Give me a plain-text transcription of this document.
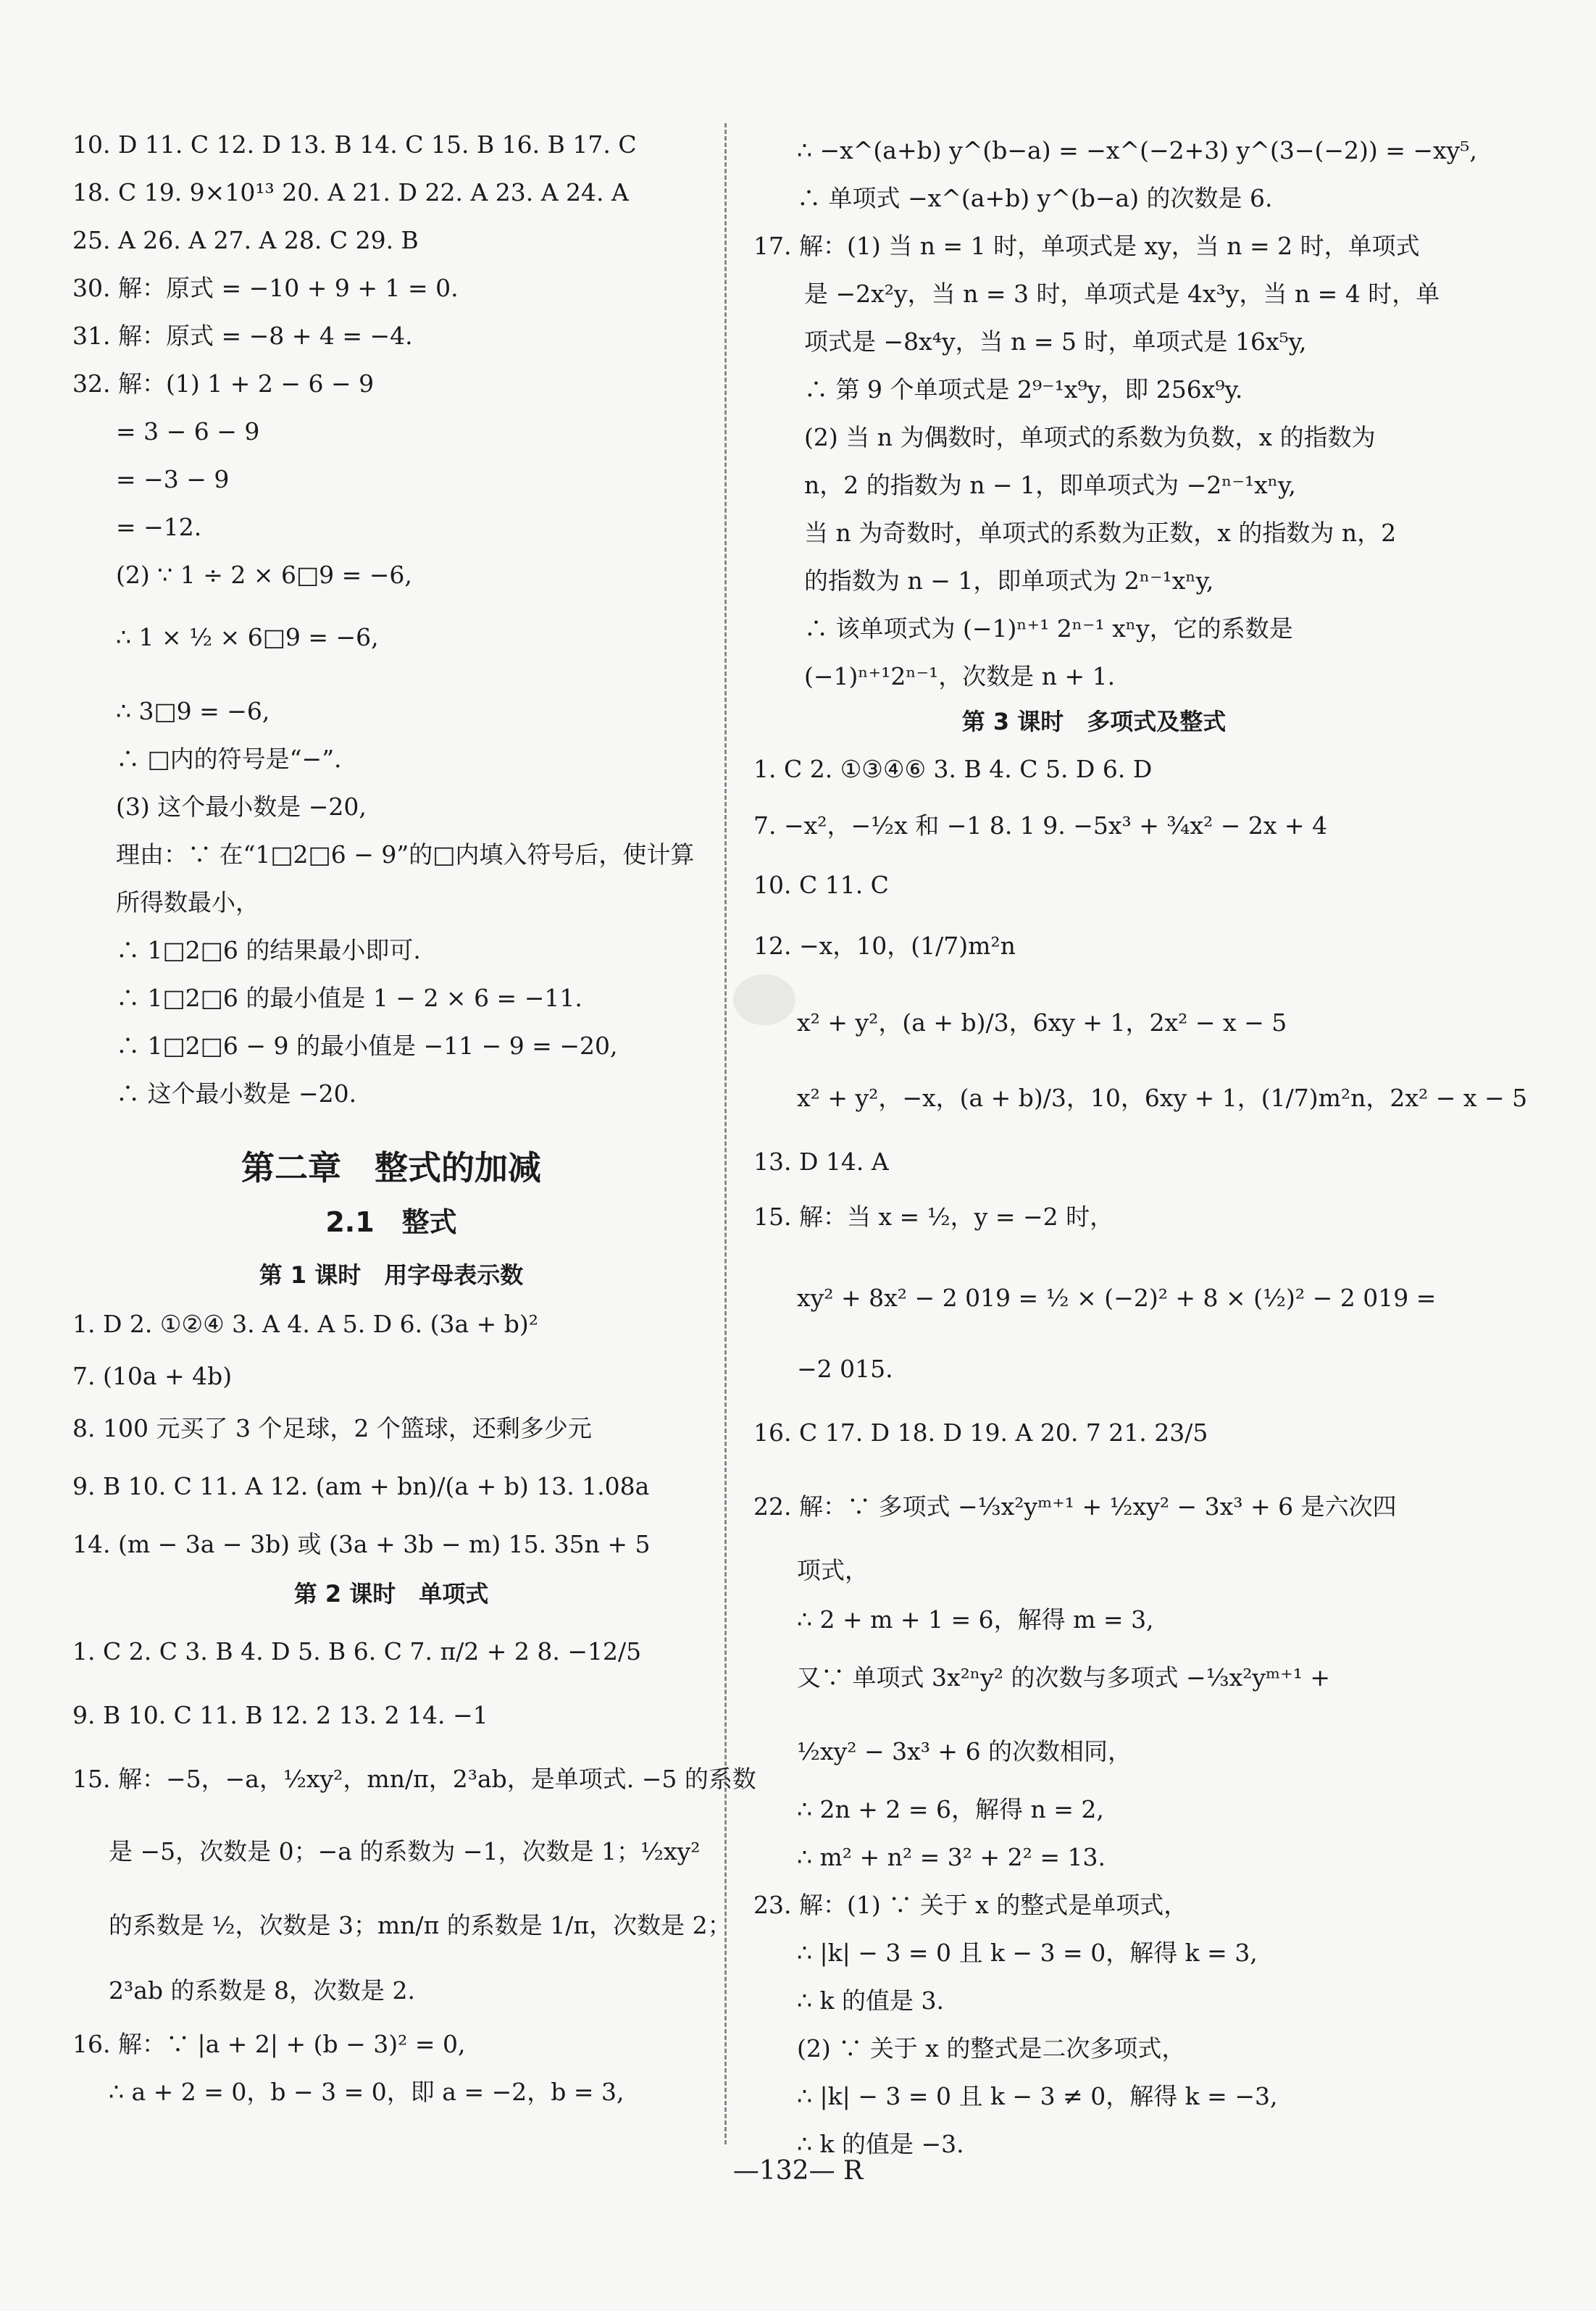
10. D 11. C 12. D 13. B 14. C 15. B 16. B 17. C
18. C 19. 9×10¹³ 20. A 21. D 22. A 23. A 24. A
25. A 26. A 27. A 28. C 29. B
30. 解：原式 = −10 + 9 + 1 = 0.
31. 解：原式 = −8 + 4 = −4.
32. 解：(1) 1 + 2 − 6 − 9
= 3 − 6 − 9
= −3 − 9
= −12.
(2) ∵ 1 ÷ 2 × 6□9 = −6,
∴ 1 × ½ × 6□9 = −6,
∴ 3□9 = −6,
∴ □内的符号是“−”.
(3) 这个最小数是 −20,
理由：∵ 在“1□2□6 − 9”的□内填入符号后，使计算
所得数最小，
∴ 1□2□6 的结果最小即可.
∴ 1□2□6 的最小值是 1 − 2 × 6 = −11.
∴ 1□2□6 − 9 的最小值是 −11 − 9 = −20,
∴ 这个最小数是 −20.
第二章　整式的加减
2.1　整式
第 1 课时　用字母表示数
1. D 2. ①②④ 3. A 4. A 5. D 6. (3a + b)²
7. (10a + 4b)
8. 100 元买了 3 个足球，2 个篮球，还剩多少元
9. B 10. C 11. A 12. (am + bn)/(a + b) 13. 1.08a
14. (m − 3a − 3b) 或 (3a + 3b − m) 15. 35n + 5
第 2 课时　单项式
1. C 2. C 3. B 4. D 5. B 6. C 7. π/2 + 2 8. −12/5
9. B 10. C 11. B 12. 2 13. 2 14. −1
15. 解：−5，−a，½xy²，mn/π，2³ab，是单项式. −5 的系数
是 −5，次数是 0；−a 的系数为 −1，次数是 1；½xy²
的系数是 ½，次数是 3；mn/π 的系数是 1/π，次数是 2；
2³ab 的系数是 8，次数是 2.
16. 解：∵ |a + 2| + (b − 3)² = 0,
∴ a + 2 = 0，b − 3 = 0，即 a = −2，b = 3,
∴ −x^(a+b) y^(b−a) = −x^(−2+3) y^(3−(−2)) = −xy⁵,
∴ 单项式 −x^(a+b) y^(b−a) 的次数是 6.
17. 解：(1) 当 n = 1 时，单项式是 xy，当 n = 2 时，单项式
是 −2x²y，当 n = 3 时，单项式是 4x³y，当 n = 4 时，单
项式是 −8x⁴y，当 n = 5 时，单项式是 16x⁵y,
∴ 第 9 个单项式是 2⁹⁻¹x⁹y，即 256x⁹y.
(2) 当 n 为偶数时，单项式的系数为负数，x 的指数为
n，2 的指数为 n − 1，即单项式为 −2ⁿ⁻¹xⁿy,
当 n 为奇数时，单项式的系数为正数，x 的指数为 n，2
的指数为 n − 1，即单项式为 2ⁿ⁻¹xⁿy,
∴ 该单项式为 (−1)ⁿ⁺¹ 2ⁿ⁻¹ xⁿy，它的系数是
(−1)ⁿ⁺¹2ⁿ⁻¹，次数是 n + 1.
第 3 课时　多项式及整式
1. C 2. ①③④⑥ 3. B 4. C 5. D 6. D
7. −x²，−½x 和 −1 8. 1 9. −5x³ + ¾x² − 2x + 4
10. C 11. C
12. −x，10，(1/7)m²n
x² + y²，(a + b)/3，6xy + 1，2x² − x − 5
x² + y²，−x，(a + b)/3，10，6xy + 1，(1/7)m²n，2x² − x − 5
13. D 14. A
15. 解：当 x = ½，y = −2 时，
xy² + 8x² − 2 019 = ½ × (−2)² + 8 × (½)² − 2 019 =
−2 015.
16. C 17. D 18. D 19. A 20. 7 21. 23/5
22. 解：∵ 多项式 −⅓x²yᵐ⁺¹ + ½xy² − 3x³ + 6 是六次四
项式，
∴ 2 + m + 1 = 6，解得 m = 3,
又∵ 单项式 3x²ⁿy² 的次数与多项式 −⅓x²yᵐ⁺¹ +
½xy² − 3x³ + 6 的次数相同，
∴ 2n + 2 = 6，解得 n = 2,
∴ m² + n² = 3² + 2² = 13.
23. 解：(1) ∵ 关于 x 的整式是单项式，
∴ |k| − 3 = 0 且 k − 3 = 0，解得 k = 3,
∴ k 的值是 3.
(2) ∵ 关于 x 的整式是二次多项式，
∴ |k| − 3 = 0 且 k − 3 ≠ 0，解得 k = −3,
∴ k 的值是 −3.
—132— R
